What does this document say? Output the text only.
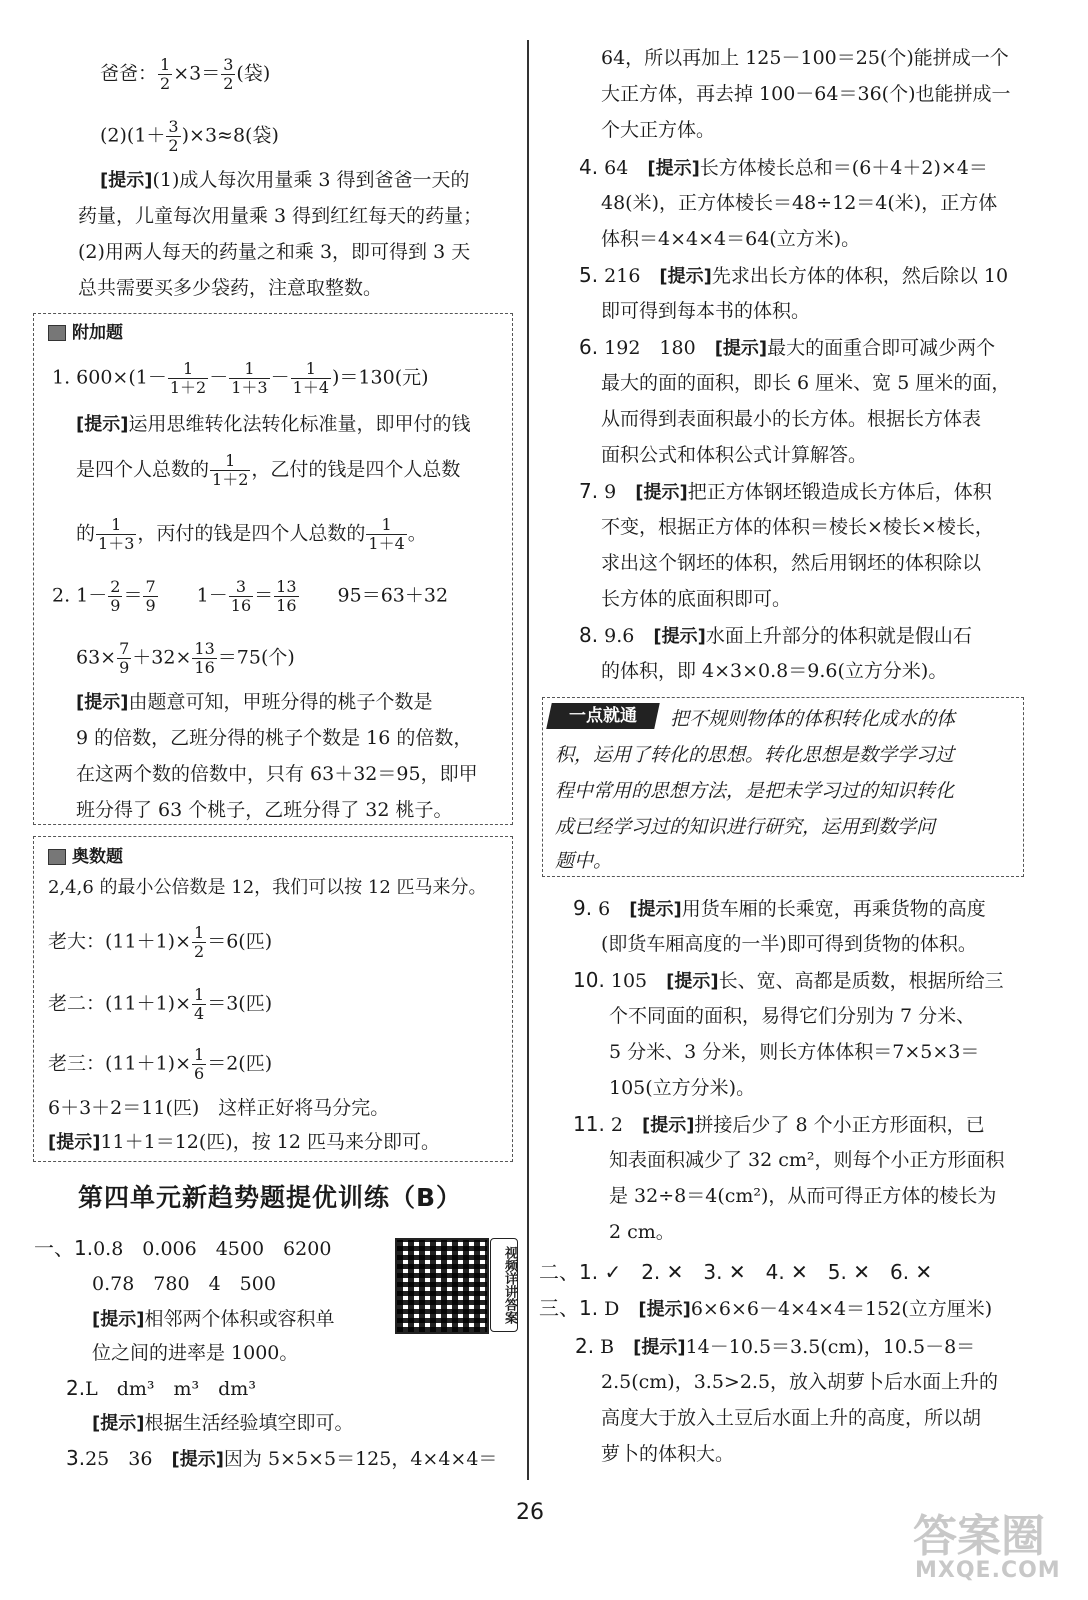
爸爸： $\frac{1}{2} \times 3= \frac{3}{2}$ (袋)
$(2)(1+ \frac{3}{2} )\times 3\approx 8$(袋)
[提示](1)成人每次用量乘 3 得到爸爸一天的
药量，儿童每次用量乘 3 得到红红每天的药量；
(2)用两人每天的药量之和乘 3，即可得到 3 天
总共需要买多少袋药，注意取整数。
附加题
1. $600\times(1- \frac{1}{1+2} - \frac{1}{1+3} - \frac{1}{1+4} )=130$(元)
[提示]运用思维转化法转化标准量，即甲付的钱
是四个人总数的 $\frac{1}{1+2}$ ，乙付的钱是四个人总数
的 $\frac{1}{1+3}$ ，丙付的钱是四个人总数的 $\frac{1}{1+4}$ 。
2. $1- \frac{2}{9} = \frac{7}{9}$
　　 $1- \frac{3}{16} = \frac{13}{16}$
　　 95＝63＋32
$63\times \frac{7}{9} +32\times \frac{13}{16} =75$(个)
[提示]由题意可知，甲班分得的桃子个数是
9 的倍数，乙班分得的桃子个数是 16 的倍数，
在这两个数的倍数中，只有 63＋32＝95，即甲
班分得了 63 个桃子，乙班分得了 32 桃子。
奥数题
2,4,6 的最小公倍数是 12，我们可以按 12 匹马来分。
老大：$(11+1)\times \frac{1}{2} =6$(匹)
老二：$(11+1)\times \frac{1}{4} =3$(匹)
老三：$(11+1)\times \frac{1}{6} =2$(匹)
6＋3＋2＝11(匹)　这样正好将马分完。
[提示]11＋1＝12(匹)，按 12 匹马来分即可。
第四单元新趋势题提优训练（B）
一、1.0.8　0.006　4500　6200
0.78　780　4　500
[提示]相邻两个体积或容积单
位之间的进率是 1000。
2.L　dm³　m³　dm³
[提示]根据生活经验填空即可。
3.25　36　 [提示]因为 5×5×5＝125，4×4×4＝
视频详讲答案
64，所以再加上 125－100＝25(个)能拼成一个
大正方体，再去掉 100－64＝36(个)也能拼成一
个大正方体。
4. 64　 [提示]长方体棱长总和＝(6＋4＋2)×4＝
48(米)，正方体棱长＝48÷12＝4(米)，正方体
体积＝4×4×4＝64(立方米)。
5. 216　 [提示]先求出长方体的体积，然后除以 10
即可得到每本书的体积。
6. 192　180　 [提示]最大的面重合即可减少两个
最大的面的面积，即长 6 厘米、宽 5 厘米的面，
从而得到表面积最小的长方体。根据长方体表
面积公式和体积公式计算解答。
7. 9　 [提示]把正方体钢坯锻造成长方体后，体积
不变，根据正方体的体积＝棱长×棱长×棱长，
求出这个钢坯的体积，然后用钢坯的体积除以
长方体的底面积即可。
8. 9.6　 [提示]水面上升部分的体积就是假山石
的体积，即 4×3×0.8＝9.6(立方分米)。
把不规则物体的体积转化成水的体
积，运用了转化的思想。转化思想是数学学习过
程中常用的思想方法，是把未学习过的知识转化
成已经学习过的知识进行研究，运用到数学问
题中。
9. 6　 [提示]用货车厢的长乘宽，再乘货物的高度
(即货车厢高度的一半)即可得到货物的体积。
10. 105　 [提示]长、宽、高都是质数，根据所给三
个不同面的面积，易得它们分别为 7 分米、
5 分米、3 分米，则长方体体积＝7×5×3＝
105(立方分米)。
11. 2　 [提示]拼接后少了 8 个小正方形面积，已
知表面积减少了 32 cm²，则每个小正方形面积
是 32÷8＝4(cm²)，从而可得正方体的棱长为
2 cm。
二、1. ✓　2. ✕　3. ✕　4. ✕　5. ✕　6. ✕
三、1. D　 [提示]6×6×6－4×4×4＝152(立方厘米)
2. B　 [提示]14－10.5＝3.5(cm)，10.5－8＝
2.5(cm)，3.5>2.5，放入胡萝卜后水面上升的
高度大于放入土豆后水面上升的高度，所以胡
萝卜的体积大。
一点就通
26	答案圈
MXQE.COM
